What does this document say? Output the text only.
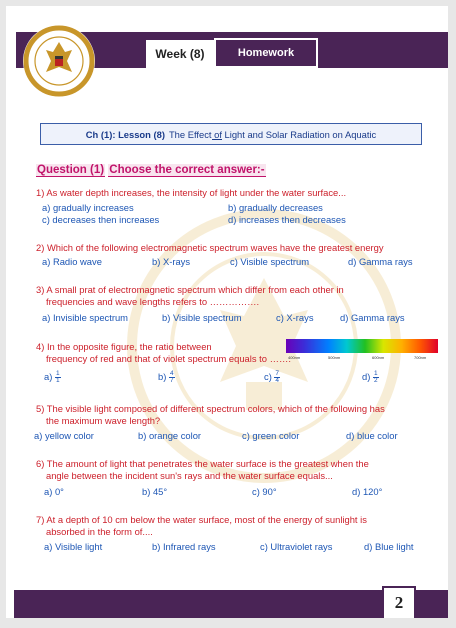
Week (8)	Homework
Ch (1): Lesson (8) The Effect of Light and Solar Radiation on Aquatic
Question (1) Choose the correct answer:-
1) As water depth increases, the intensity of light under the water surface...
a) gradually increases	b) gradually decreases
c) decreases then increases	d) increases then decreases
2) Which of the following electromagnetic spectrum waves have the greatest energy
a) Radio wave	b) X-rays	c) Visible spectrum	d) Gamma rays
3) A small prat of electromagnetic spectrum which differ from each other in
frequencies and wave lengths refers to …………….
a) Invisible spectrum	b) Visible spectrum	c) X-rays	d) Gamma rays
4) In the opposite figure, the ratio between
frequency of red and that of violet spectrum equals to …….
400nm	500nm	600nm	700nm
$a) \frac{1}{1}$	$b) \frac{4}{7}$	$c) \frac{7}{4}$	$d) \frac{1}{2}$
5) The visible light composed of different spectrum colors, which of the following has
the maximum wave length?
a) yellow color	b) orange color	c) green color	d) blue color
6) The amount of light that penetrates the water surface is the greatest when the
angle between the incident sun's rays and the water surface equals...
a) 0°	b) 45°	c) 90°	d) 120°
7) At a depth of 10 cm below the water surface, most of the energy of sunlight is
absorbed in the form of....
a) Visible light	b) Infrared rays	c) Ultraviolet rays	d) Blue light
2
